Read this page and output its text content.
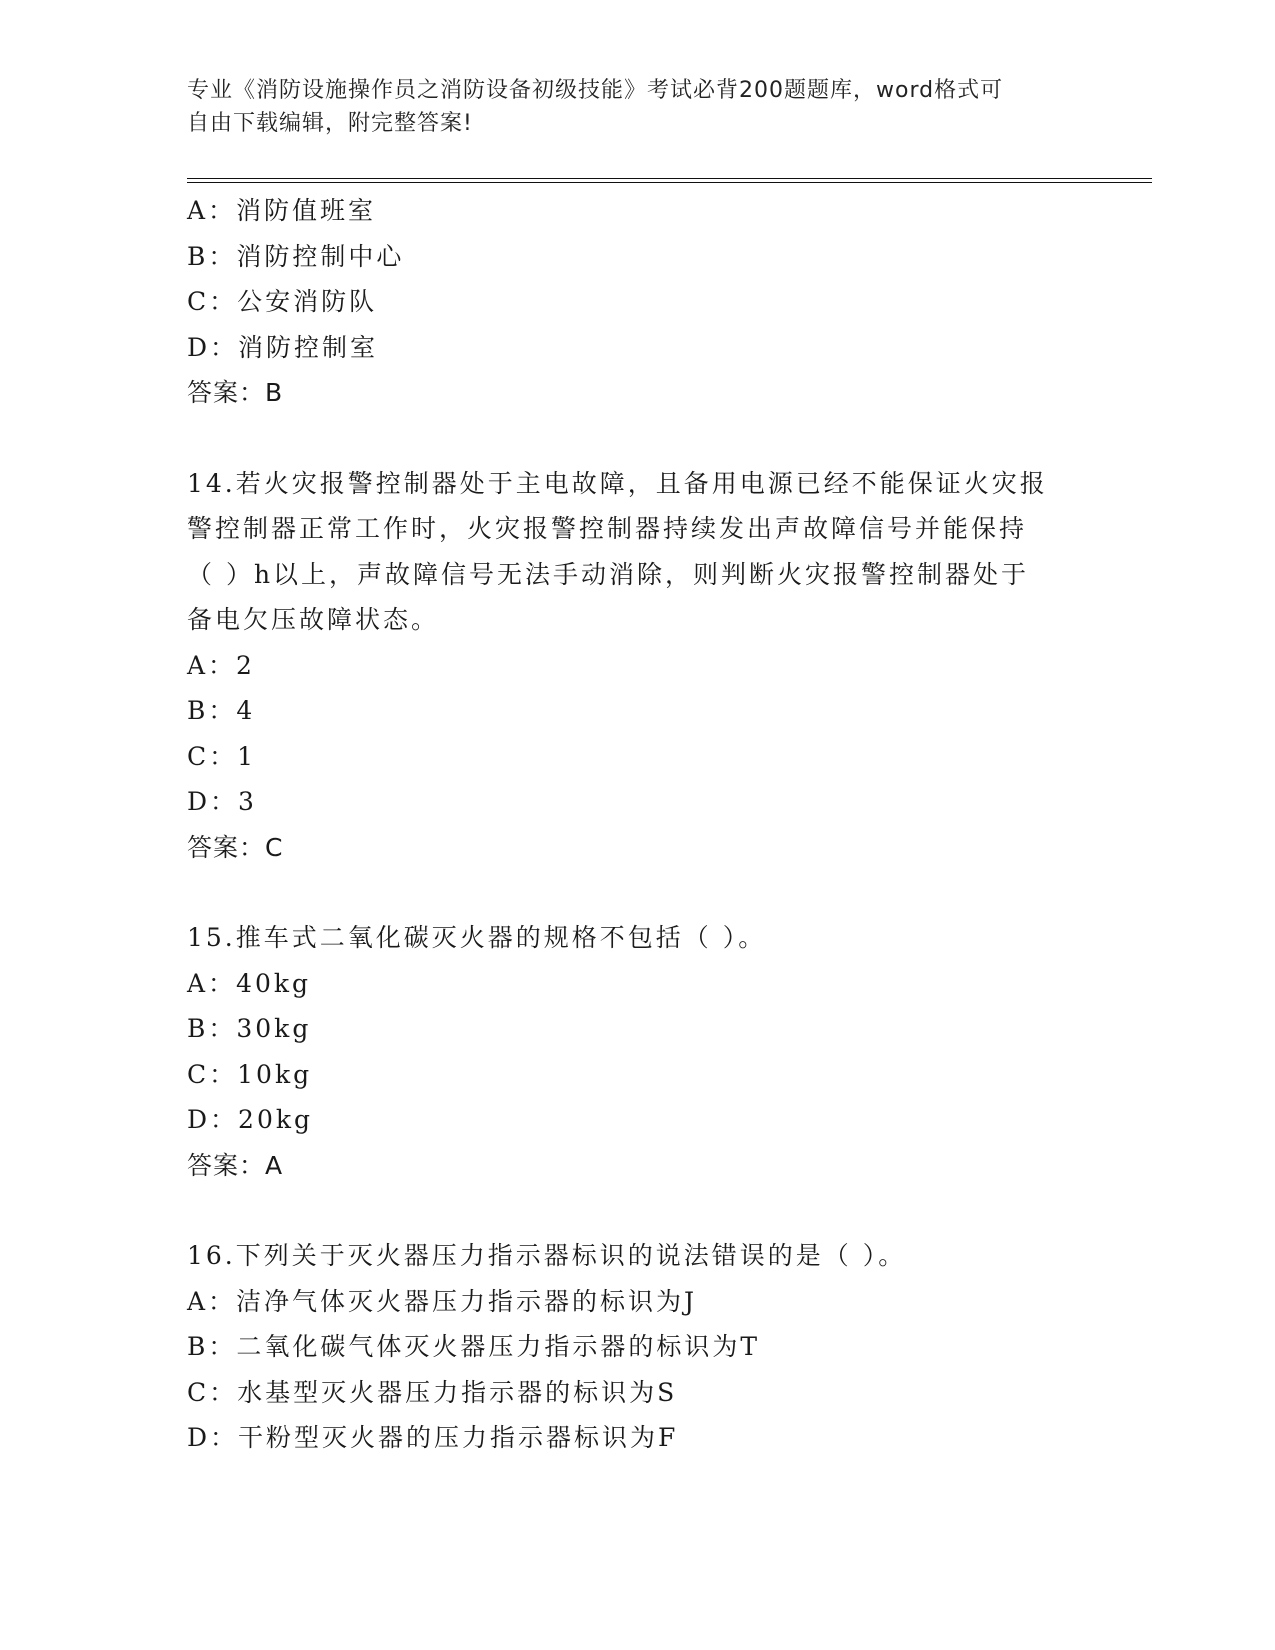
专业《消防设施操作员之消防设备初级技能》考试必背200题题库，word格式可
自由下载编辑，附完整答案!
A：消防值班室
B：消防控制中心
C：公安消防队
D：消防控制室
答案：B
14.若火灾报警控制器处于主电故障，且备用电源已经不能保证火灾报
警控制器正常工作时，火灾报警控制器持续发出声故障信号并能保持
（ ）h以上，声故障信号无法手动消除，则判断火灾报警控制器处于
备电欠压故障状态。
A：2
B：4
C：1
D：3
答案：C
15.推车式二氧化碳灭火器的规格不包括（ ）。
A：40kg
B：30kg
C：10kg
D：20kg
答案：A
16.下列关于灭火器压力指示器标识的说法错误的是（ ）。
A：洁净气体灭火器压力指示器的标识为J
B：二氧化碳气体灭火器压力指示器的标识为T
C：水基型灭火器压力指示器的标识为S
D：干粉型灭火器的压力指示器标识为F
